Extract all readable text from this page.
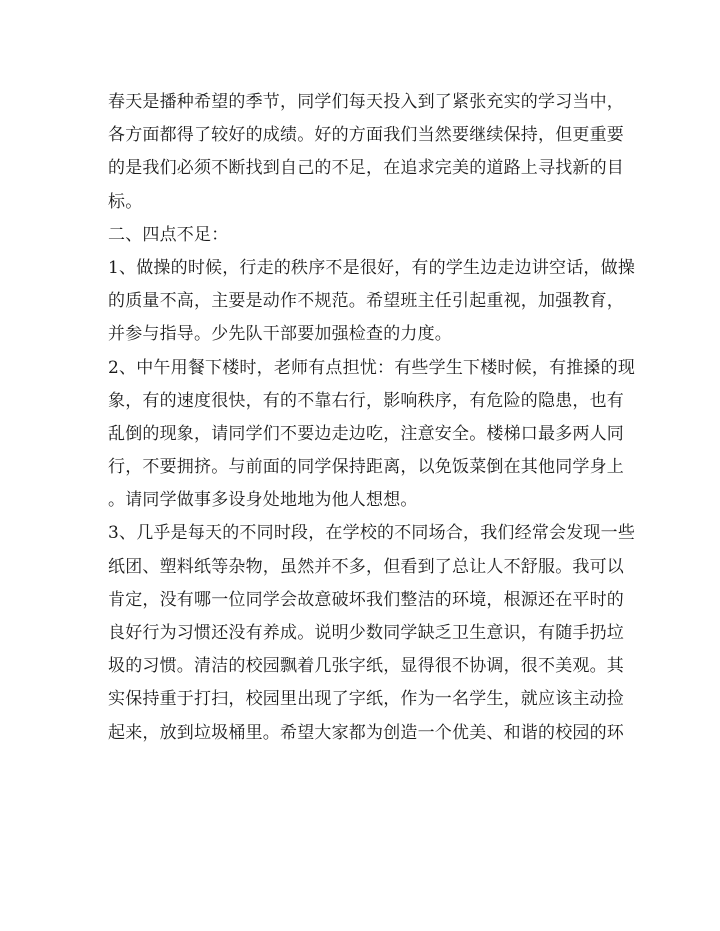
春天是播种希望的季节，同学们每天投入到了紧张充实的学习当中，
各方面都得了较好的成绩。好的方面我们当然要继续保持，但更重要
的是我们必须不断找到自己的不足，在追求完美的道路上寻找新的目
标。
二、四点不足：
1、做操的时候，行走的秩序不是很好，有的学生边走边讲空话，做操
的质量不高，主要是动作不规范。希望班主任引起重视，加强教育，
并参与指导。少先队干部要加强检查的力度。
2、中午用餐下楼时，老师有点担忧：有些学生下楼时候，有推搡的现
象，有的速度很快，有的不靠右行，影响秩序，有危险的隐患，也有
乱倒的现象，请同学们不要边走边吃，注意安全。楼梯口最多两人同
行，不要拥挤。与前面的同学保持距离，以免饭菜倒在其他同学身上
。请同学做事多设身处地地为他人想想。
3、几乎是每天的不同时段，在学校的不同场合，我们经常会发现一些
纸团、塑料纸等杂物，虽然并不多，但看到了总让人不舒服。我可以
肯定，没有哪一位同学会故意破坏我们整洁的环境，根源还在平时的
良好行为习惯还没有养成。说明少数同学缺乏卫生意识，有随手扔垃
圾的习惯。清洁的校园飘着几张字纸，显得很不协调，很不美观。其
实保持重于打扫，校园里出现了字纸，作为一名学生，就应该主动捡
起来，放到垃圾桶里。希望大家都为创造一个优美、和谐的校园的环
